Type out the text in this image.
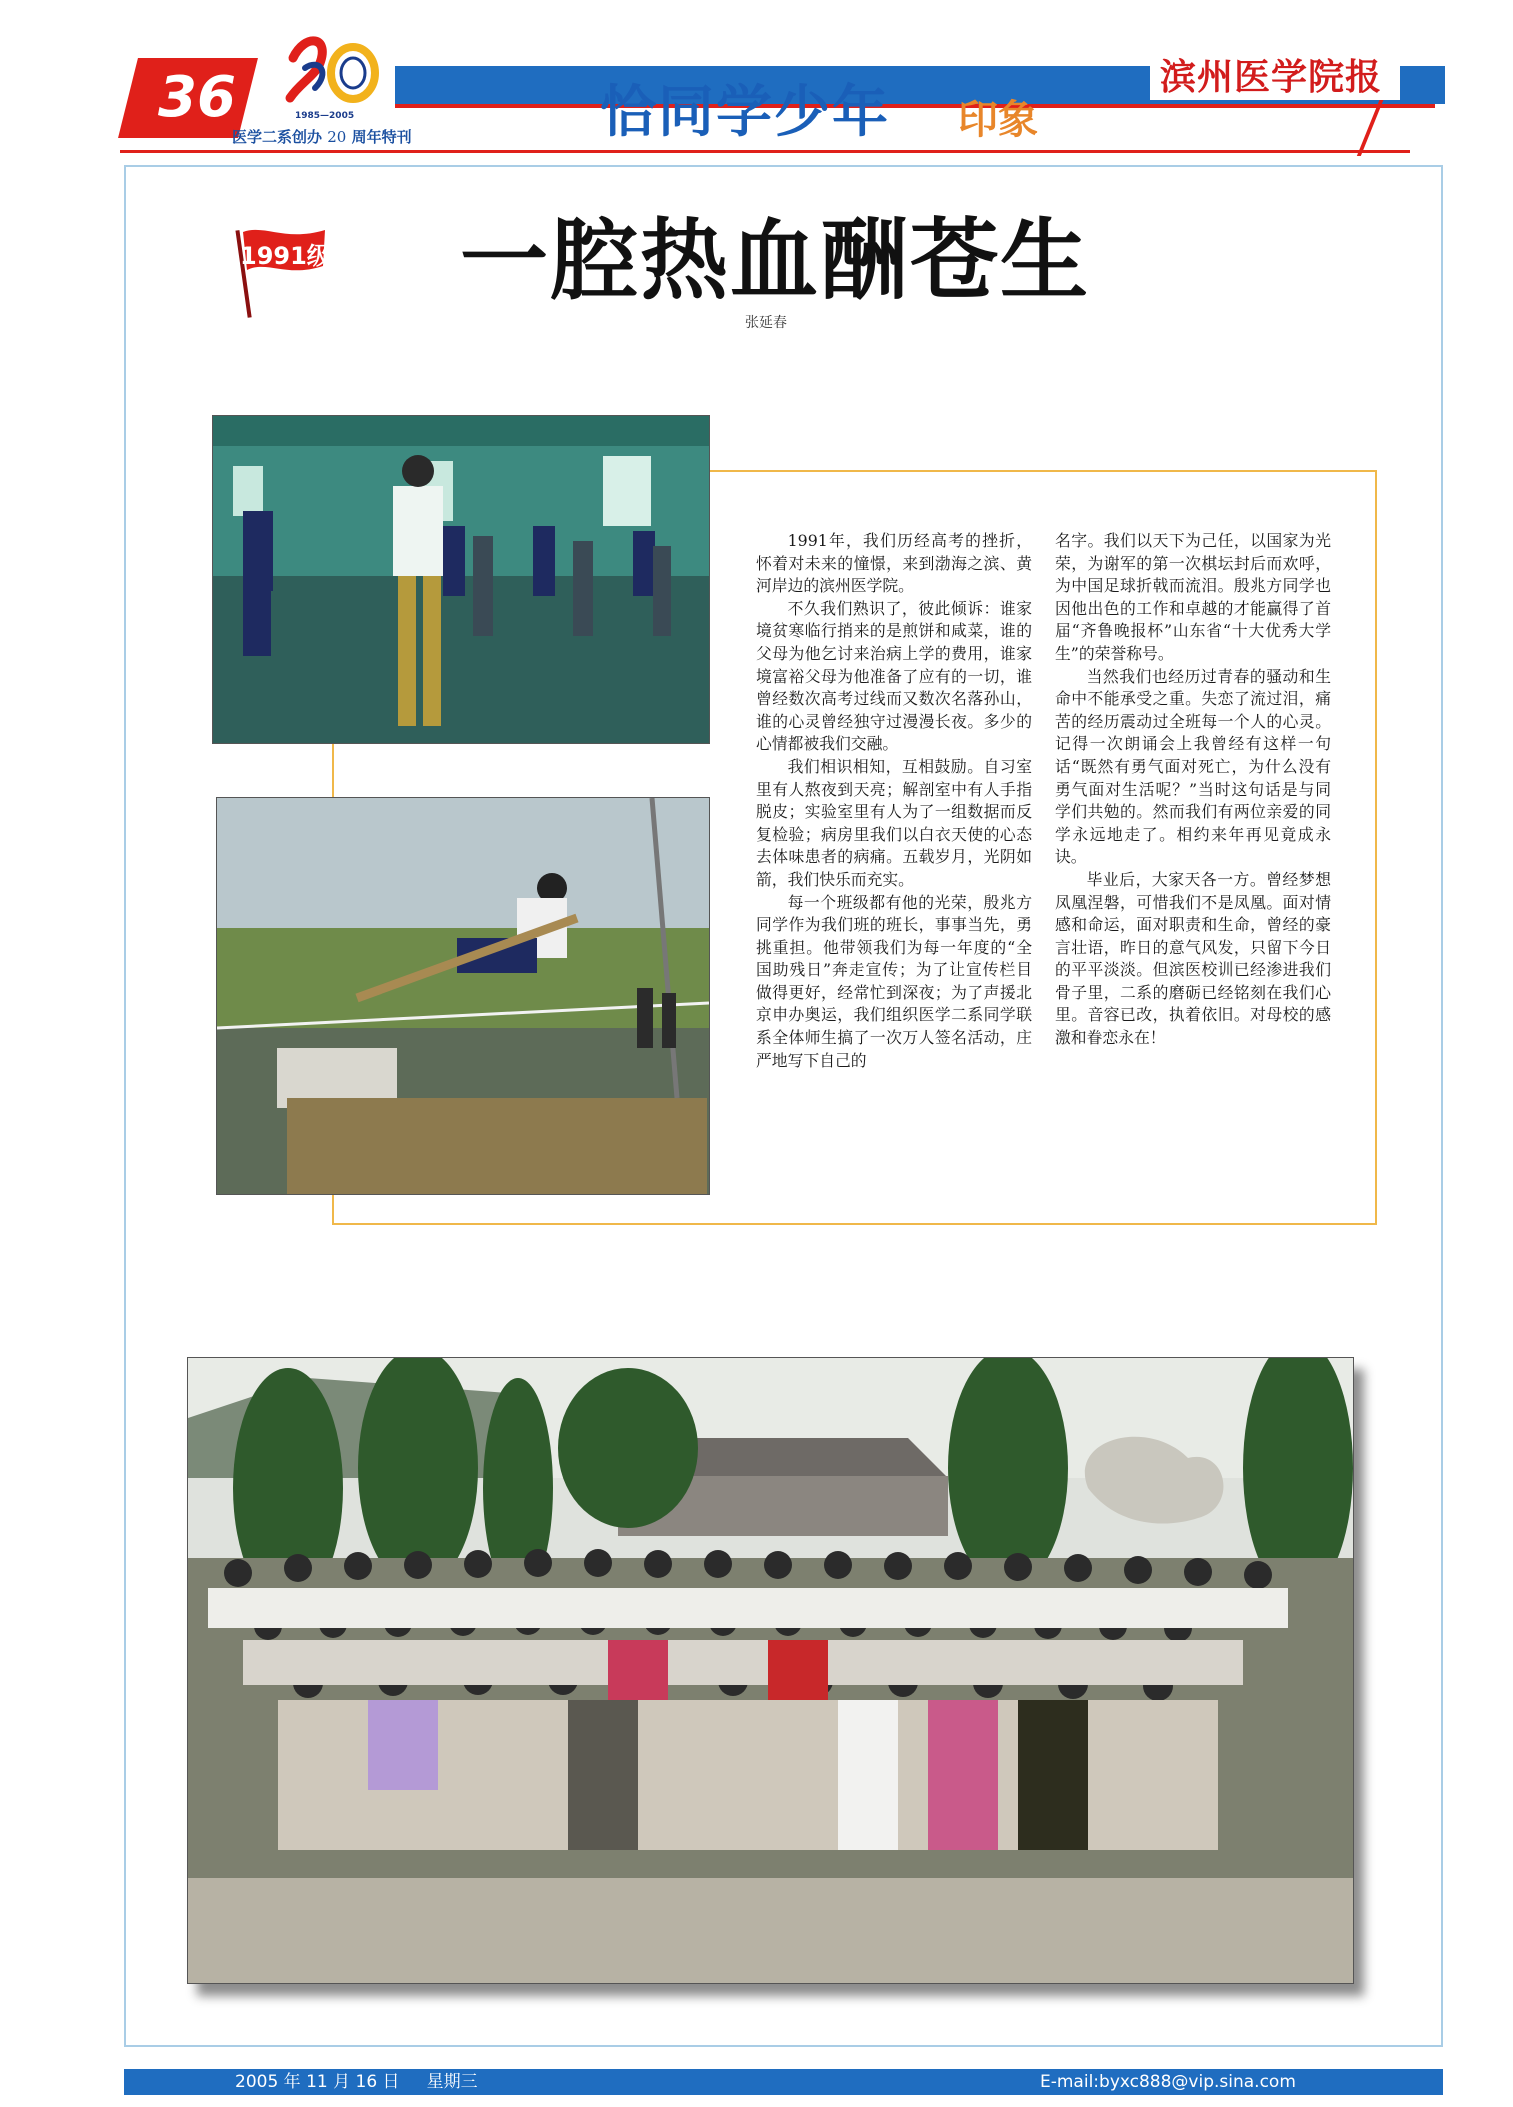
36	1985—2005
医学二系创办 20 周年特刊	恰同学少年 印象
滨州医学院报
1991级 一腔热血酬苍生
张延春

1991年，我们历经高考的挫折，怀着对未来的憧憬，来到渤海之滨、黄河岸边的滨州医学院。

不久我们熟识了，彼此倾诉：谁家境贫寒临行捎来的是煎饼和咸菜，谁的父母为他乞讨来治病上学的费用，谁家境富裕父母为他准备了应有的一切，谁曾经数次高考过线而又数次名落孙山，谁的心灵曾经独守过漫漫长夜。多少的心情都被我们交融。

我们相识相知，互相鼓励。自习室里有人熬夜到天亮；解剖室中有人手指脱皮；实验室里有人为了一组数据而反复检验；病房里我们以白衣天使的心态去体味患者的病痛。五载岁月，光阴如箭，我们快乐而充实。

每一个班级都有他的光荣，殷兆方同学作为我们班的班长，事事当先，勇挑重担。他带领我们为每一年度的“全国助残日”奔走宣传；为了让宣传栏目做得更好，经常忙到深夜；为了声援北京申办奥运，我们组织医学二系同学联系全体师生搞了一次万人签名活动，庄严地写下自己的

名字。我们以天下为己任，以国家为光荣，为谢军的第一次棋坛封后而欢呼，为中国足球折戟而流泪。殷兆方同学也因他出色的工作和卓越的才能赢得了首届“齐鲁晚报杯”山东省“十大优秀大学生”的荣誉称号。

当然我们也经历过青春的骚动和生命中不能承受之重。失恋了流过泪，痛苦的经历震动过全班每一个人的心灵。记得一次朗诵会上我曾经有这样一句话“既然有勇气面对死亡，为什么没有勇气面对生活呢？”当时这句话是与同学们共勉的。然而我们有两位亲爱的同学永远地走了。相约来年再见竟成永诀。

毕业后，大家天各一方。曾经梦想凤凰涅磐，可惜我们不是凤凰。面对情感和命运，面对职责和生命，曾经的豪言壮语，昨日的意气风发，只留下今日的平平淡淡。但滨医校训已经渗进我们骨子里，二系的磨砺已经铭刻在我们心里。音容已改，执着依旧。对母校的感激和眷恋永在！

2005 年 11 月 16 日     星期三	E-mail:byxc888@vip.sina.com
